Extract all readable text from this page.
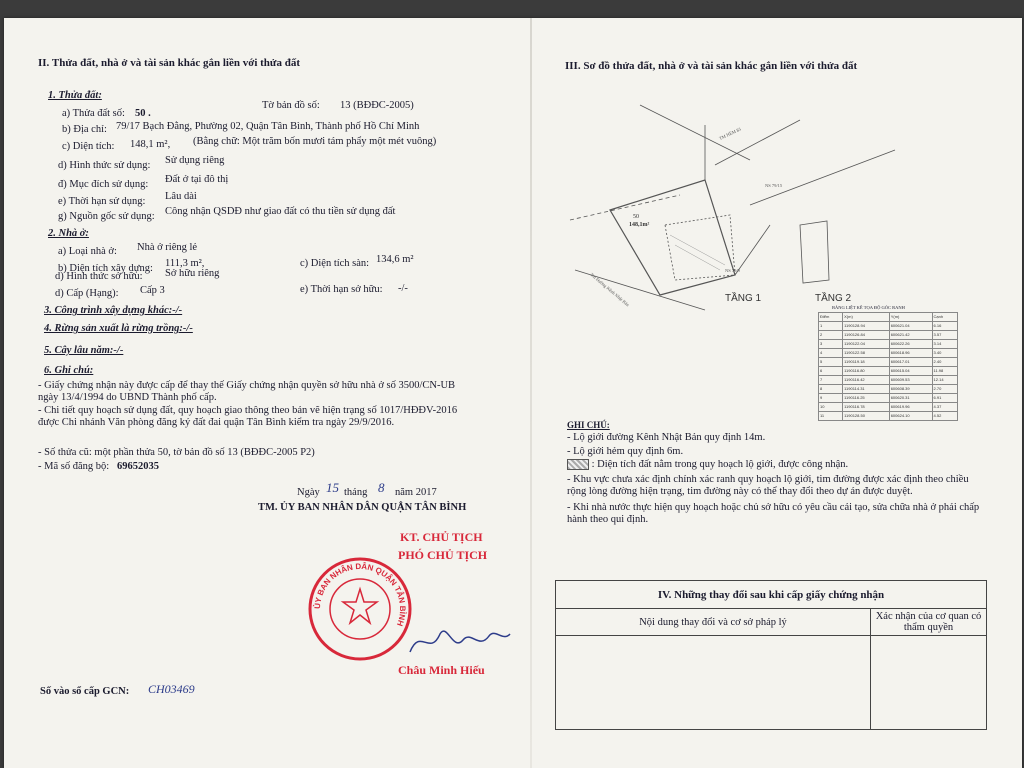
II. Thửa đất, nhà ở và tài sản khác gắn liền với thửa đất
1. Thửa đất:
a) Thửa đất số: 50 .
Tờ bản đồ số: 13 (BĐĐC-2005)
b) Địa chỉ: 79/17 Bạch Đằng, Phường 02, Quận Tân Bình, Thành phố Hồ Chí Minh
c) Diện tích: 148,1 m², (Bằng chữ: Một trăm bốn mươi tám phẩy một mét vuông)
d) Hình thức sử dụng: Sử dụng riêng
đ) Mục đích sử dụng: Đất ở tại đô thị
e) Thời hạn sử dụng: Lâu dài
g) Nguồn gốc sử dụng: Công nhận QSDĐ như giao đất có thu tiền sử dụng đất
2. Nhà ở:
a) Loại nhà ở: Nhà ở riêng lẻ
b) Diện tích xây dựng: 111,3 m²,	c) Diện tích sàn: 134,6 m²
d) Hình thức sở hữu: Sở hữu riêng
d) Cấp (Hạng): Cấp 3	e) Thời hạn sở hữu: -/-
3. Công trình xây dựng khác:-/-
4. Rừng sản xuất là rừng trồng:-/-
5. Cây lâu năm:-/-
6. Ghi chú:
- Giấy chứng nhận này được cấp để thay thế Giấy chứng nhận quyền sở hữu nhà ở số 3500/CN-UB ngày 13/4/1994 do UBND Thành phố cấp.
- Chi tiết quy hoạch sử dụng đất, quy hoạch giao thông theo bản vẽ hiện trạng số 1017/HĐĐV-2016 được Chi nhánh Văn phòng đăng ký đất đai quận Tân Bình kiểm tra ngày 29/9/2016.
- Số thửa cũ: một phần thửa 50, tờ bản đồ số 13 (BĐĐC-2005 P2)
- Mã số đăng bộ: 69652035
Ngày 15 tháng 8 năm 2017
TM. ỦY BAN NHÂN DÂN QUẬN TÂN BÌNH
KT. CHỦ TỊCH
PHÓ CHỦ TỊCH
ỦY BAN NHÂN DÂN QUẬN TÂN BÌNH
Châu Minh Hiếu
Số vào sổ cấp GCN: CH03469
III. Sơ đồ thửa đất, nhà ở và tài sản khác gắn liền với thửa đất
50
148,1m²
Tm Đường Kênh Nhật Bản
TM HẺM 83
NS 79/15
NS 79/9
TẦNG 1	TẦNG 2
BẢNG LIỆT KÊ TỌA ĐỘ GÓC RANH
Điểm	X(m)	Y(m)	Cạnh
1	1190128.94	600621.04	6.16
2	1190126.84	600621.42	3.57
3	1190122.04	600622.26	3.14
4	1190122.58	600618.96	3.40
5	1190119.18	600617.01	2.40
6	1190116.80	600615.04	11.98
7	1190116.42	600609.53	12.14
8	1190114.31	600608.39	2.70
9	1190116.25	600620.31	6.91
10	1190116.78	600619.96	4.37
11	1190128.50	600624.10	4.52
GHI CHÚ:
- Lộ giới đường Kênh Nhật Bản quy định 14m.
- Lộ giới hẻm quy định 6m.
: Diện tích đất nằm trong quy hoạch lộ giới, được công nhận.
- Khu vực chưa xác định chính xác ranh quy hoạch lộ giới, tim đường được xác định theo chiều rộng lòng đường hiện trạng, tim đường này có thể thay đổi theo dự án được duyệt.
- Khi nhà nước thực hiện quy hoạch hoặc chủ sở hữu có yêu cầu cải tạo, sửa chữa nhà ở phải chấp hành theo qui định.
IV. Những thay đổi sau khi cấp giấy chứng nhận	
Nội dung thay đổi và cơ sở pháp lý	Xác nhận của cơ quan có thẩm quyền
